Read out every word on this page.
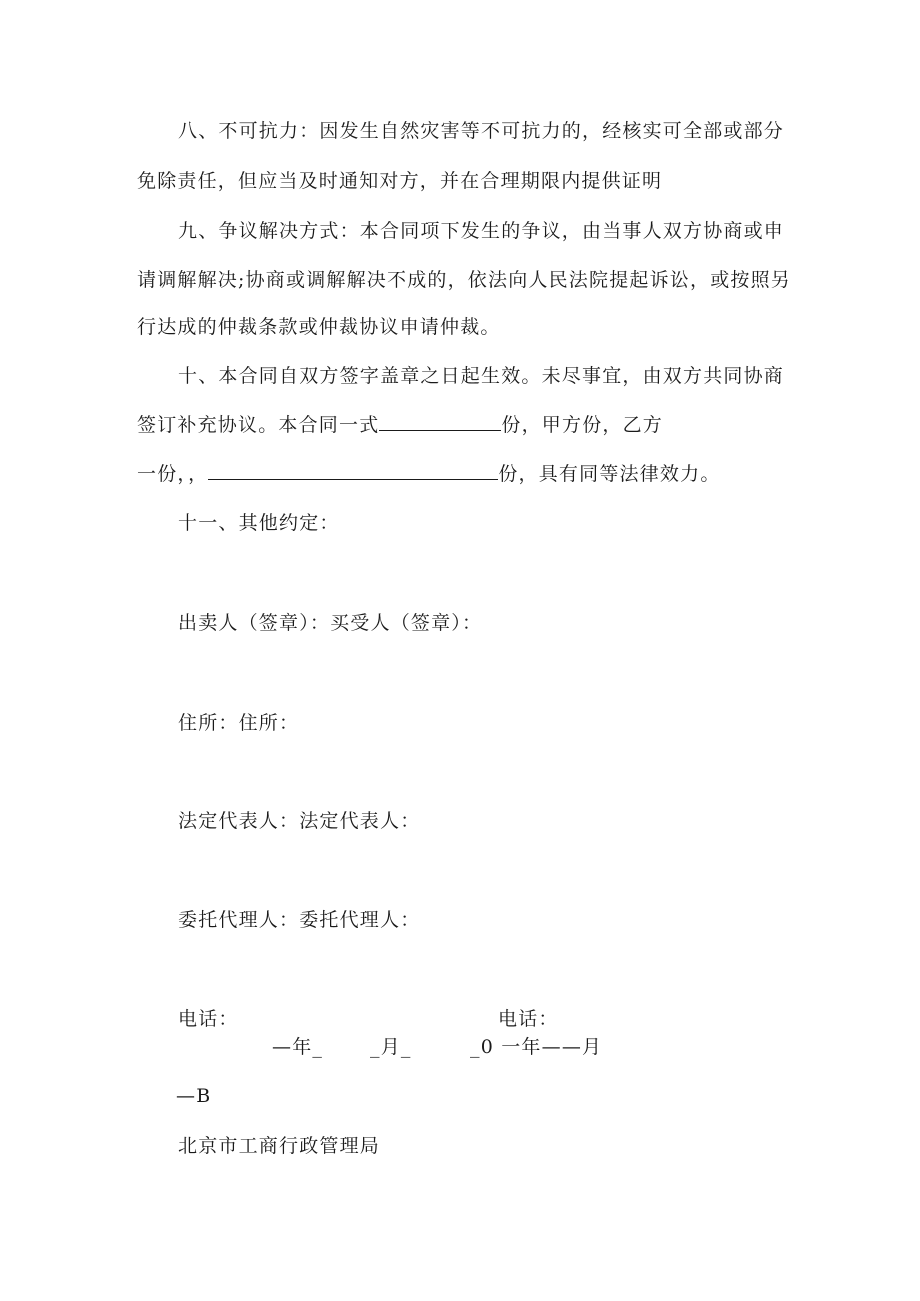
八、不可抗力：因发生自然灾害等不可抗力的，经核实可全部或部分
免除责任，但应当及时通知对方，并在合理期限内提供证明
九、争议解决方式：本合同项下发生的争议，由当事人双方协商或申
请调解解决;协商或调解解决不成的，依法向人民法院提起诉讼，或按照另
行达成的仲裁条款或仲裁协议申请仲裁。
十、本合同自双方签字盖章之日起生效。未尽事宜，由双方共同协商
签订补充协议。本合同一式	份，甲方份，乙方
一份，，	份，具有同等法律效力。
十一、其他约定：
出卖人（签章）：买受人（签章）：
住所：住所：
法定代表人：法定代表人：
委托代理人：委托代理人：
电话：	电话：
—年_ _月_	_0 一年——月
—B
北京市工商行政管理局
